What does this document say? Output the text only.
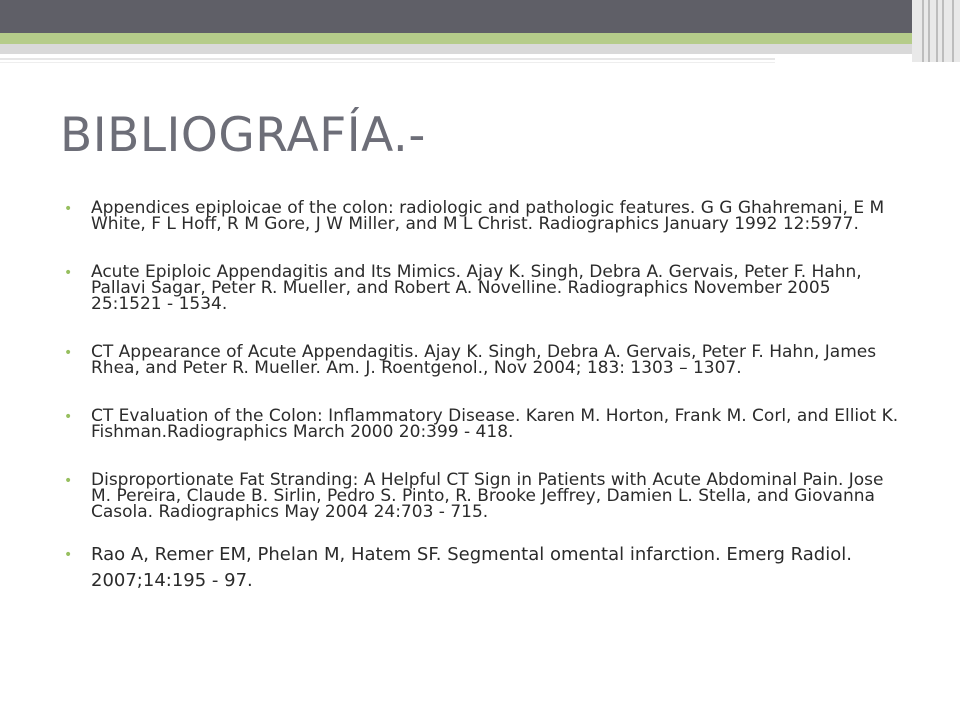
BIBLIOGRAFÍA.-
• Appendices epiploicae of the colon: radiologic and pathologic features. G G Ghahremani, E M White, F L Hoff, R M Gore, J W Miller, and M L Christ. Radiographics January 1992 12:5977.
• Acute Epiploic Appendagitis and Its Mimics. Ajay K. Singh, Debra A. Gervais, Peter F. Hahn, Pallavi Sagar, Peter R. Mueller, and Robert A. Novelline. Radiographics November 2005 25:1521 - 1534.
• CT Appearance of Acute Appendagitis. Ajay K. Singh, Debra A. Gervais, Peter F. Hahn, James Rhea, and Peter R. Mueller. Am. J. Roentgenol., Nov 2004; 183: 1303 – 1307.
• CT Evaluation of the Colon: Inflammatory Disease. Karen M. Horton, Frank M. Corl, and Elliot K. Fishman.Radiographics March 2000 20:399 - 418.
• Disproportionate Fat Stranding: A Helpful CT Sign in Patients with Acute Abdominal Pain. Jose M. Pereira, Claude B. Sirlin, Pedro S. Pinto, R. Brooke Jeffrey, Damien L. Stella, and Giovanna Casola. Radiographics May 2004 24:703 - 715.
• Rao A, Remer EM, Phelan M, Hatem SF. Segmental omental infarction. Emerg Radiol. 2007;14:195 - 97.
